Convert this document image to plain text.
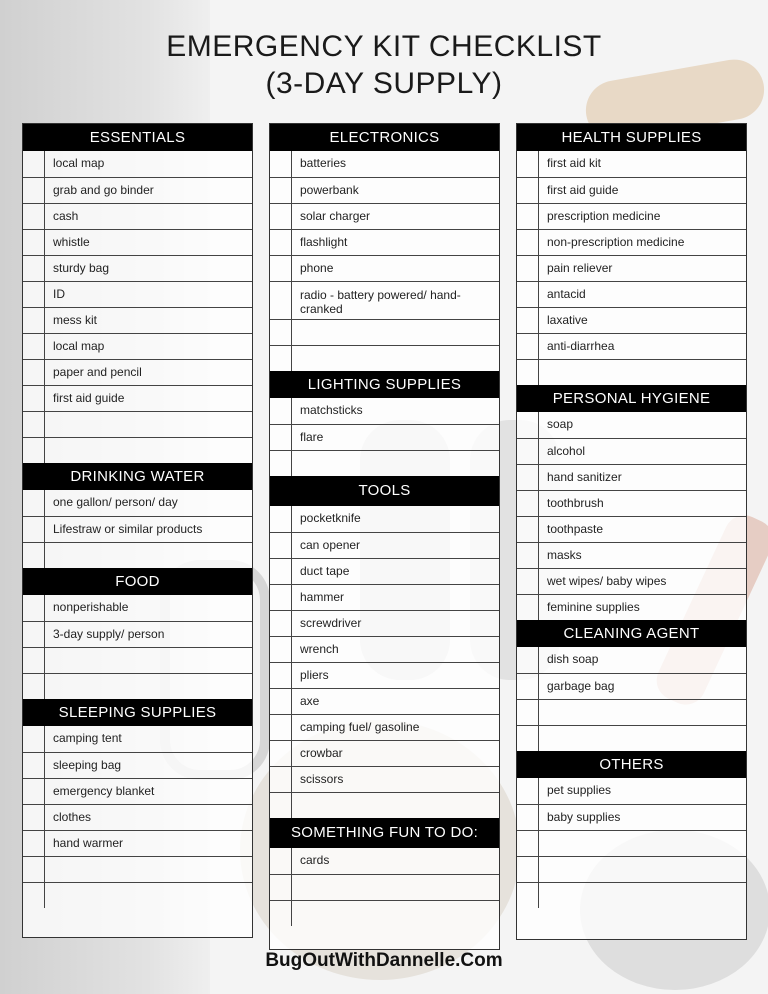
EMERGENCY KIT CHECKLIST
(3-DAY SUPPLY)
ESSENTIALS
local map
grab and go binder
cash
whistle
sturdy bag
ID
mess kit
local map
paper and pencil
first aid guide
DRINKING WATER
one gallon/ person/ day
Lifestraw or similar products
FOOD
nonperishable
3-day supply/ person
SLEEPING SUPPLIES
camping tent
sleeping bag
emergency blanket
clothes
hand warmer
ELECTRONICS
batteries
powerbank
solar charger
flashlight
phone
radio - battery powered/ hand-cranked
LIGHTING SUPPLIES
matchsticks
flare
TOOLS
pocketknife
can opener
duct tape
hammer
screwdriver
wrench
pliers
axe
camping fuel/ gasoline
crowbar
scissors
SOMETHING FUN TO DO:
cards
HEALTH SUPPLIES
first aid kit
first aid guide
prescription medicine
non-prescription medicine
pain reliever
antacid
laxative
anti-diarrhea
PERSONAL HYGIENE
soap
alcohol
hand sanitizer
toothbrush
toothpaste
masks
wet wipes/ baby wipes
feminine supplies
CLEANING AGENT
dish soap
garbage bag
OTHERS
pet supplies
baby supplies
BugOutWithDannelle.Com
